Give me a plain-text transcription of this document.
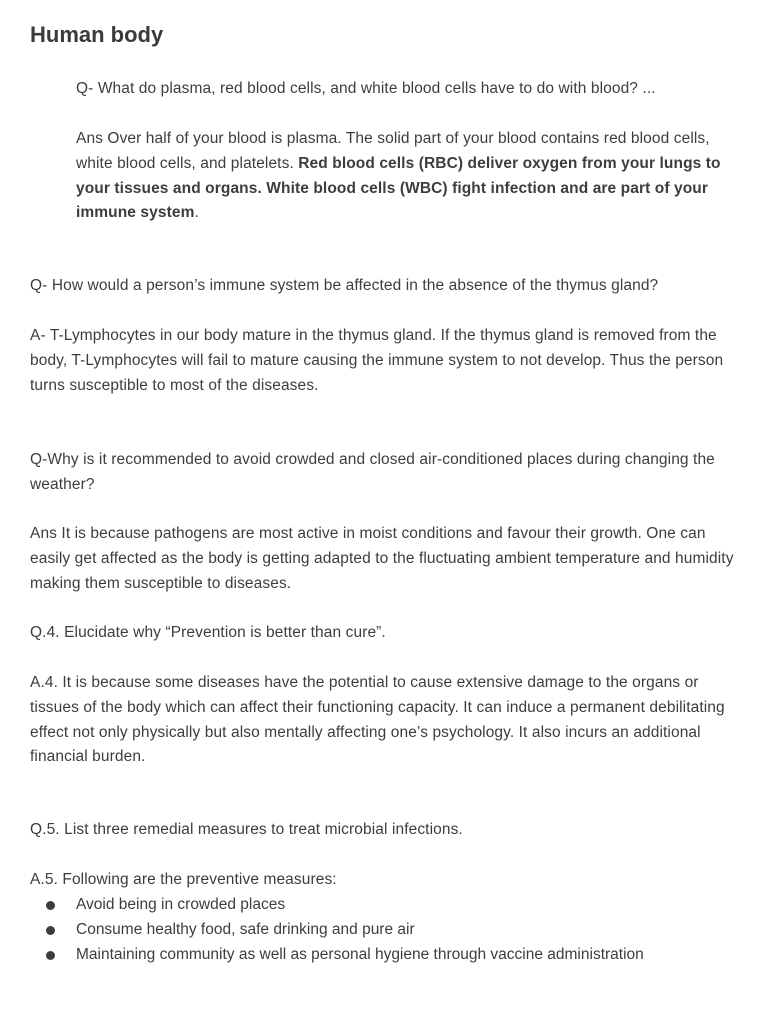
Human body

Q- What do plasma, red blood cells, and white blood cells have to do with blood? ...

Ans Over half of your blood is plasma. The solid part of your blood contains red blood cells, white blood cells, and platelets. Red blood cells (RBC) deliver oxygen from your lungs to your tissues and organs. White blood cells (WBC) fight infection and are part of your immune system.

Q- How would a person’s immune system be affected in the absence of the thymus gland?

A- T-Lymphocytes in our body mature in the thymus gland. If the thymus gland is removed from the body, T-Lymphocytes will fail to mature causing the immune system to not develop. Thus the person turns susceptible to most of the diseases.

Q-Why is it recommended to avoid crowded and closed air-conditioned places during changing the weather?

Ans It is because pathogens are most active in moist conditions and favour their growth. One can easily get affected as the body is getting adapted to the fluctuating ambient temperature and humidity making them susceptible to diseases.

Q.4. Elucidate why “Prevention is better than cure”.

A.4. It is because some diseases have the potential to cause extensive damage to the organs or tissues of the body which can affect their functioning capacity. It can induce a permanent debilitating effect not only physically but also mentally affecting one’s psychology. It also incurs an additional financial burden.

Q.5. List three remedial measures to treat microbial infections.

A.5. Following are the preventive measures:

Avoid being in crowded places
Consume healthy food, safe drinking and pure air
Maintaining community as well as personal hygiene through vaccine administration
